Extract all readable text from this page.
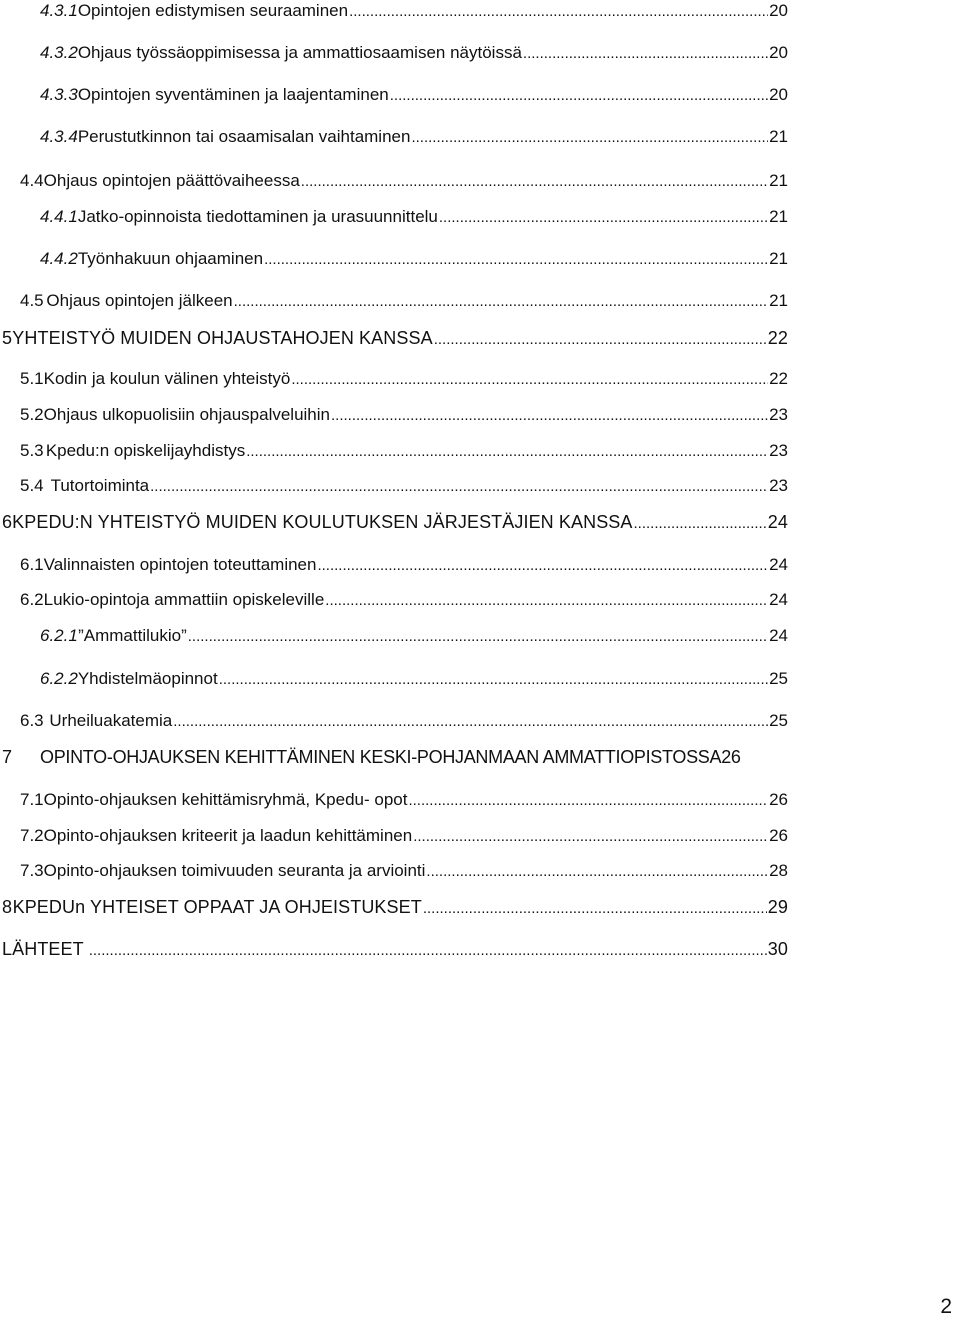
4.3.1 Opintojen edistymisen seuraaminen .....	20
4.3.2 Ohjaus työssäoppimisessa ja ammattiosaamisen näytöissä .....	20
4.3.3 Opintojen syventäminen ja laajentaminen .....	20
4.3.4 Perustutkinnon tai osaamisalan vaihtaminen .....	21
4.4 Ohjaus opintojen päättövaiheessa .....	21
4.4.1 Jatko-opinnoista tiedottaminen ja urasuunnittelu .....	21
4.4.2 Työnhakuun ohjaaminen .....	21
4.5 Ohjaus opintojen jälkeen .....	21
5 YHTEISTYÖ MUIDEN OHJAUSTAHOJEN KANSSA .....	22
5.1 Kodin ja koulun välinen yhteistyö .....	22
5.2 Ohjaus ulkopuolisiin ohjauspalveluihin .....	23
5.3 Kpedu:n opiskelijayhdistys .....	23
5.4 Tutortoiminta .....	23
6 KPEDU:N YHTEISTYÖ MUIDEN KOULUTUKSEN JÄRJESTÄJIEN KANSSA .....	24
6.1 Valinnaisten opintojen toteuttaminen .....	24
6.2 Lukio-opintoja ammattiin opiskeleville .....	24
6.2.1 ”Ammattilukio” .....	24
6.2.2 Yhdistelmäopinnot .....	25
6.3 Urheiluakatemia .....	25
7	OPINTO-OHJAUKSEN KEHITTÄMINEN KESKI-POHJANMAAN AMMATTIOPISTOSSA 26
7.1 Opinto-ohjauksen kehittämisryhmä, Kpedu- opot .....	26
7.2 Opinto-ohjauksen kriteerit ja laadun kehittäminen .....	26
7.3 Opinto-ohjauksen toimivuuden seuranta ja arviointi .....	28
8 KPEDUn YHTEISET OPPAAT JA OHJEISTUKSET .....	29
LÄHTEET .....	30
2
